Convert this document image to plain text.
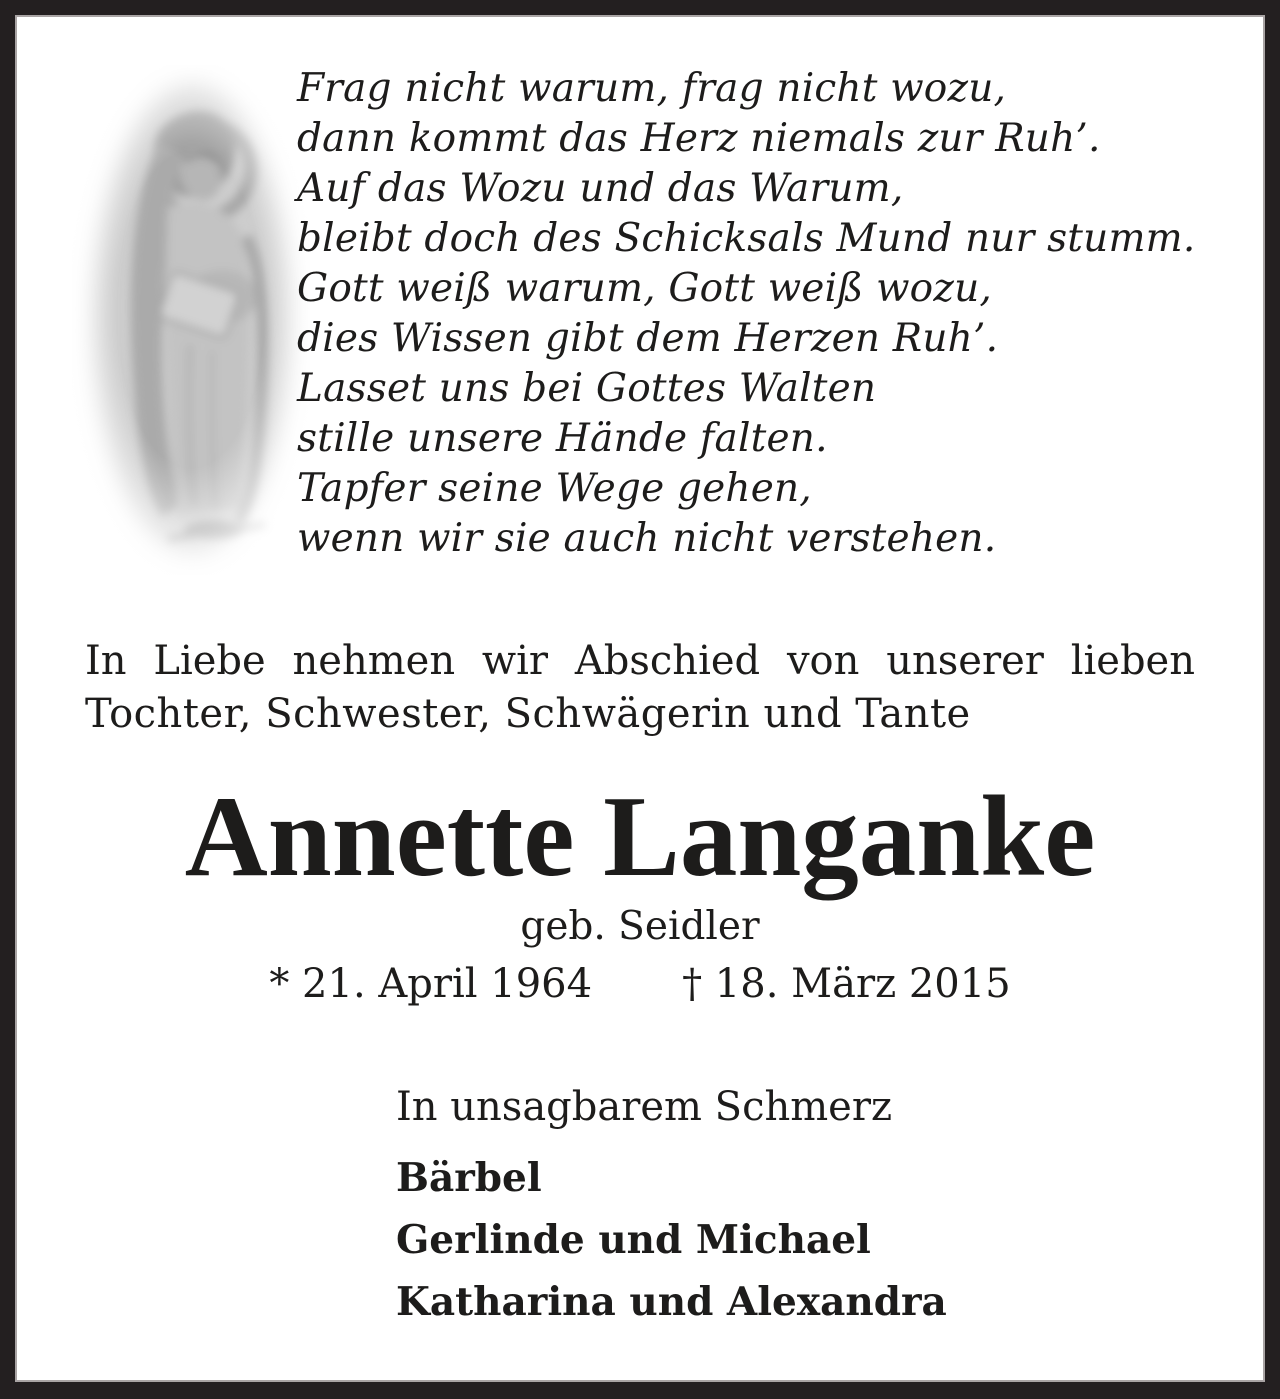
Frag nicht warum, frag nicht wozu,
dann kommt das Herz niemals zur Ruh’.
Auf das Wozu und das Warum,
bleibt doch des Schicksals Mund nur stumm.
Gott weiß warum, Gott weiß wozu,
dies Wissen gibt dem Herzen Ruh’.
Lasset uns bei Gottes Walten
stille unsere Hände falten.
Tapfer seine Wege gehen,
wenn wir sie auch nicht verstehen.
In Liebe nehmen wir Abschied von unserer lieben
Tochter, Schwester, Schwägerin und Tante
Annette Langanke
geb. Seidler
* 21. April 1964 † 18. März 2015
In unsagbarem Schmerz
Bärbel
Gerlinde und Michael
Katharina und Alexandra
